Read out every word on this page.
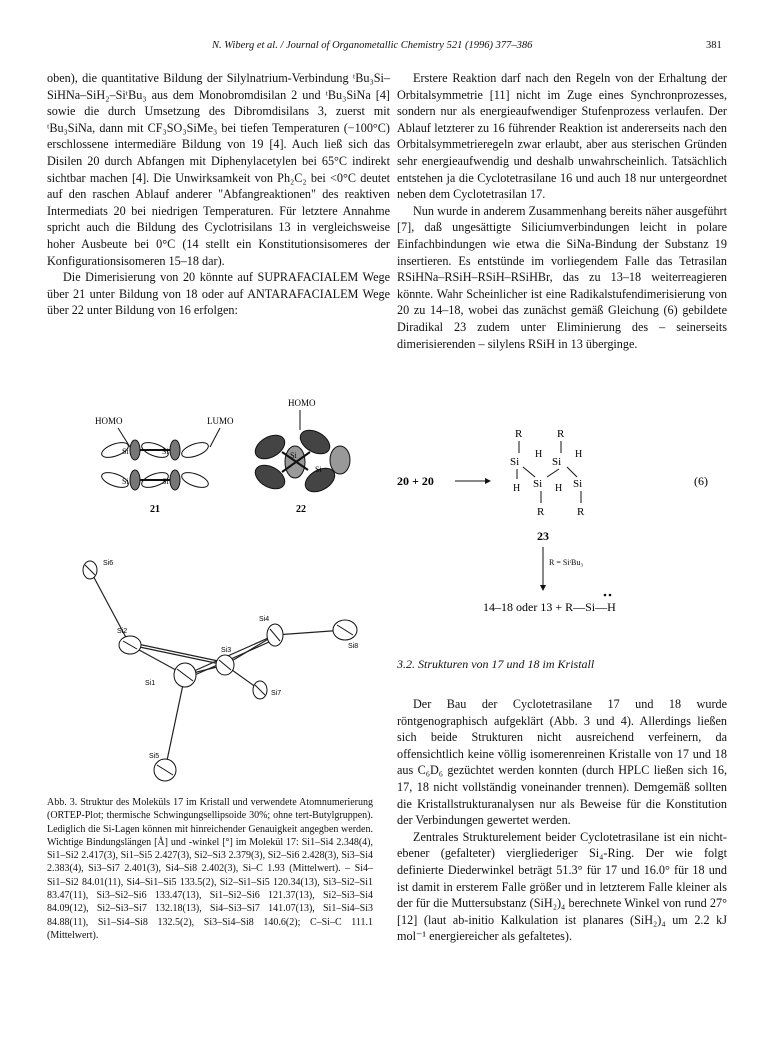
N. Wiberg et al. / Journal of Organometallic Chemistry 521 (1996) 377–386	381

oben), die quantitative Bildung der Silylnatrium-Verbindung ᵗBu₃Si–SiHNa–SiH₂–SiᵗBu₃ aus dem Monobromdisilan 2 und ᵗBu₃SiNa [4] sowie die durch Umsetzung des Dibromdisilans 3, zuerst mit ᵗBu₃SiNa, dann mit CF₃SO₃SiMe₃ bei tiefen Temperaturen (−100°C) erschlossene intermediäre Bildung von 19 [4]. Auch ließ sich das Disilen 20 durch Abfangen mit Diphenylacetylen bei 65°C indirekt sichtbar machen [4]. Die Unwirksamkeit von Ph₂C₂ bei <0°C deutet auf den raschen Ablauf anderer "Abfangreaktionen" des reaktiven Intermediats 20 bei niedrigen Temperaturen. Für letztere Annahme spricht auch die Bildung des Cyclotrisilans 13 in vergleichsweise hoher Ausbeute bei 0°C (14 stellt ein Konstitutionsisomeres der Konfigurationsisomeren 15–18 dar).

Die Dimerisierung von 20 könnte auf SUPRAFACIALEM Wege über 21 unter Bildung von 18 oder auf ANTARAFACIALEM Wege über 22 unter Bildung von 16 erfolgen:

HOMO	LUMO
Si	Si
Si	Si
21
HOMO
Si
Si
22
Si6
Si2
Si4
Si8
Si3
Si1
Si7
Si5
Abb. 3. Struktur des Moleküls 17 im Kristall und verwendete Atomnumerierung (ORTEP-Plot; thermische Schwingungsellipsoide 30%; ohne tert-Butylgruppen). Lediglich die Si-Lagen können mit hinreichender Genauigkeit angegben werden. Wichtige Bindungslängen [Å] und -winkel [°] im Molekül 17: Si1–Si4 2.348(4), Si1–Si2 2.417(3), Si1–Si5 2.427(3), Si2–Si3 2.379(3), Si2–Si6 2.428(3), Si3–Si4 2.383(4), Si3–Si7 2.401(3), Si4–Si8 2.402(3), Si–C 1.93 (Mittelwert). – Si4–Si1–Si2 84.01(11), Si4–Si1–Si5 133.5(2), Si2–Si1–Si5 120.34(13), Si3–Si2–Si1 83.47(11), Si3–Si2–Si6 133.47(13), Si1–Si2–Si6 121.37(13), Si2–Si3–Si4 84.09(12), Si2–Si3–Si7 132.18(13), Si4–Si3–Si7 141.07(13), Si1–Si4–Si3 84.88(11), Si1–Si4–Si8 132.5(2), Si3–Si4–Si8 140.6(2); C–Si–C 111.1 (Mittelwert).

Erstere Reaktion darf nach den Regeln von der Erhaltung der Orbitalsymmetrie [11] nicht im Zuge eines Synchronprozesses, sondern nur als energieaufwendiger Stufenprozess verlaufen. Der Ablauf letzterer zu 16 führender Reaktion ist andererseits nach den Orbitalsymmetrieregeln zwar erlaubt, aber aus sterischen Gründen sehr energieaufwendig und deshalb unwahrscheinlich. Tatsächlich entstehen ja die Cyclotetrasilane 16 und auch 18 nur untergeordnet neben dem Cyclotetrasilan 17.

Nun wurde in anderem Zusammenhang bereits näher ausgeführt [7], daß ungesättigte Siliciumverbindungen leicht in polare Einfachbindungen wie etwa die SiNa-Bindung der Substanz 19 insertieren. Es entstünde im vorliegendem Falle das Tetrasilan RSiHNa–RSiH–RSiH–RSiHBr, das zu 13–18 weiterreagieren könnte. Wahr Scheinlicher ist eine Radikalstufendimerisierung von 20 zu 14–18, wobei das zunächst gemäß Gleichung (6) gebildete Diradikal 23 zudem unter Eliminierung des – seinerseits dimerisierenden – silylens RSiH in 13 überginge.

20 + 20
R	R
Si
H
Si
H
H Si H Si
R	R
(6)
23
R = SiᵗBu₃
14–18 oder 13 + R—Si—H
3.2. Strukturen von 17 und 18 im Kristall

Der Bau der Cyclotetrasilane 17 und 18 wurde röntgenographisch aufgeklärt (Abb. 3 und 4). Allerdings ließen sich beide Strukturen nicht ausreichend verfeinern, da offensichtlich keine völlig isomerenreinen Kristalle von 17 und 18 aus C₆D₆ gezüchtet werden konnten (durch HPLC ließen sich 16, 17, 18 nicht vollständig voneinander trennen). Demgemäß sollten die Kristallstrukturanalysen nur als Beweise für die Konstitution der Verbindungen gewertet werden.

Zentrales Strukturelement beider Cyclotetrasilane ist ein nicht-ebener (gefalteter) viergliederiger Si₄-Ring. Der wie folgt definierte Diederwinkel beträgt 51.3° für 17 und 16.0° für 18 und ist damit in ersterem Falle größer und in letzterem Falle kleiner als der für die Muttersubstanz (SiH₂)₄ berechnete Winkel von rund 27° [12] (laut ab-initio Kalkulation ist planares (SiH₂)₄ um 2.2 kJ mol⁻¹ energiereicher als gefaltetes).
